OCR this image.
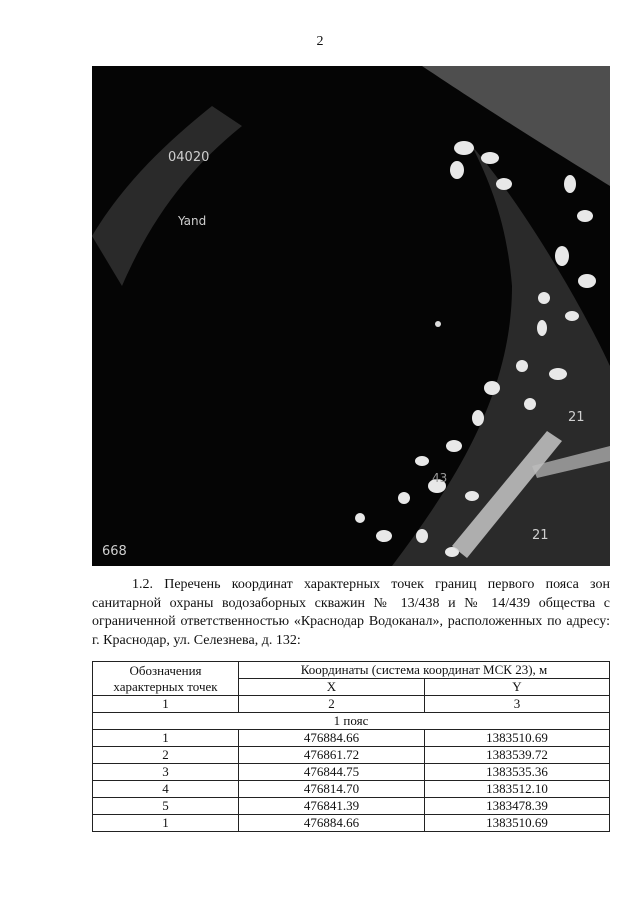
2
04020
Yand
21
43
21
668

1.2. Перечень координат характерных точек границ первого пояса зон санитарной охраны водозаборных скважин № 13/438 и № 14/439 общества с ограниченной ответственностью «Краснодар Водоканал», расположенных по адресу: г. Краснодар, ул. Селезнева, д. 132:

Обозначения характерных точек	Координаты (система координат МСК 23), м	
	X	Y
1	2	3
1 пояс		
1	476884.66	1383510.69
2	476861.72	1383539.72
3	476844.75	1383535.36
4	476814.70	1383512.10
5	476841.39	1383478.39
1	476884.66	1383510.69
